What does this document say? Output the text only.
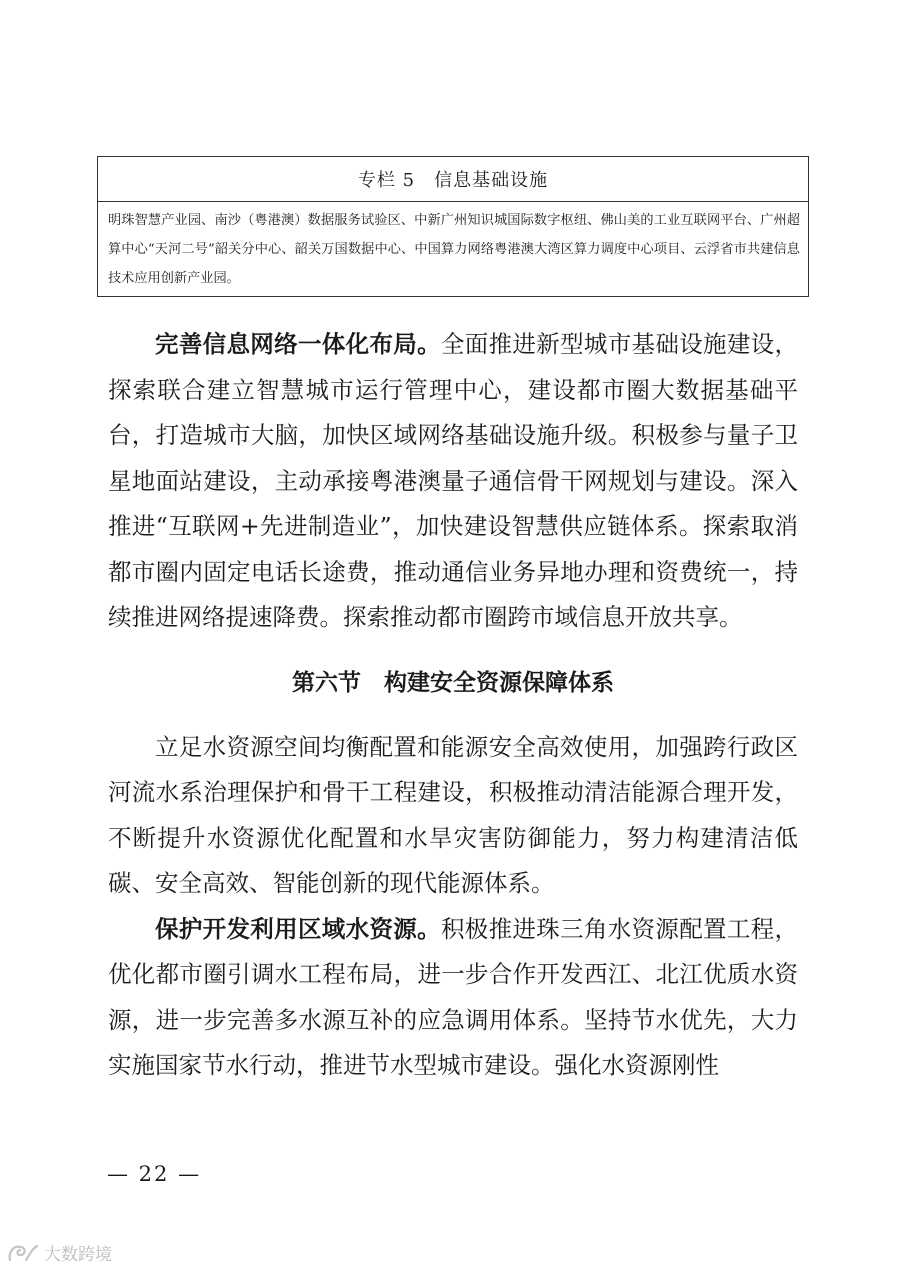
专栏 5　信息基础设施
明珠智慧产业园、南沙（粤港澳）数据服务试验区、中新广州知识城国际数字枢纽、佛山美的工业互联网平台、广州超算中心“天河二号”韶关分中心、韶关万国数据中心、中国算力网络粤港澳大湾区算力调度中心项目、云浮省市共建信息技术应用创新产业园。

完善信息网络一体化布局。全面推进新型城市基础设施建设，探索联合建立智慧城市运行管理中心，建设都市圈大数据基础平台，打造城市大脑，加快区域网络基础设施升级。积极参与量子卫星地面站建设，主动承接粤港澳量子通信骨干网规划与建设。深入推进“互联网+先进制造业”，加快建设智慧供应链体系。探索取消都市圈内固定电话长途费，推动通信业务异地办理和资费统一，持续推进网络提速降费。探索推动都市圈跨市域信息开放共享。

第六节　构建安全资源保障体系

立足水资源空间均衡配置和能源安全高效使用，加强跨行政区河流水系治理保护和骨干工程建设，积极推动清洁能源合理开发，不断提升水资源优化配置和水旱灾害防御能力，努力构建清洁低碳、安全高效、智能创新的现代能源体系。

保护开发利用区域水资源。积极推进珠三角水资源配置工程，优化都市圈引调水工程布局，进一步合作开发西江、北江优质水资源，进一步完善多水源互补的应急调用体系。坚持节水优先，大力实施国家节水行动，推进节水型城市建设。强化水资源刚性

— 22 —
大数跨境
